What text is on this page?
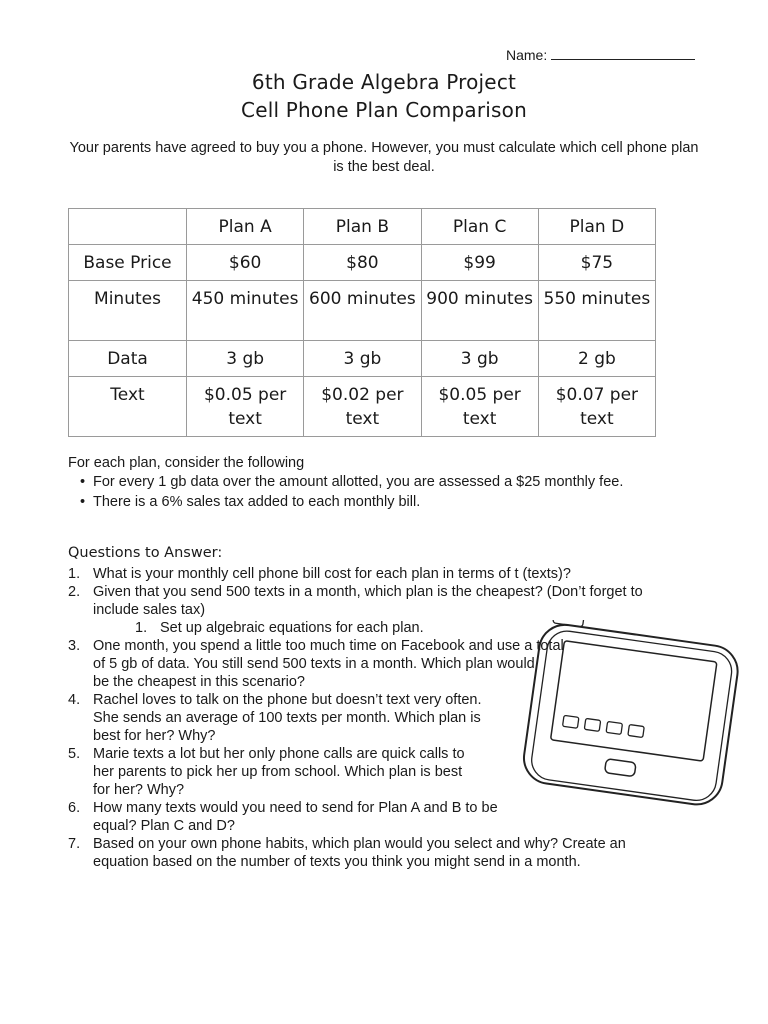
Name:
6th Grade Algebra Project
Cell Phone Plan Comparison

Your parents have agreed to buy you a phone. However, you must calculate which cell phone plan is the best deal.

	Plan A	Plan B	Plan C	Plan D
Base Price	$60	$80	$99	$75
Minutes	450 minutes	600 minutes	900 minutes	550 minutes
Data	3 gb	3 gb	3 gb	2 gb
Text	$0.05 per text	$0.02 per text	$0.05 per text	$0.07 per text

For each plan, consider the following

• For every 1 gb data over the amount allotted, you are assessed a $25 monthly fee.
• There is a 6% sales tax added to each monthly bill.
Questions to Answer:
1. What is your monthly cell phone bill cost for each plan in terms of t (texts)?
2. Given that you send 500 texts in a month, which plan is the cheapest? (Don’t forget to
include sales tax)
1. Set up algebraic equations for each plan.
3. One month, you spend a little too much time on Facebook and use a total
of 5 gb of data. You still send 500 texts in a month. Which plan would
be the cheapest in this scenario?
4. Rachel loves to talk on the phone but doesn’t text very often.
She sends an average of 100 texts per month. Which plan is
best for her? Why?
5. Marie texts a lot but her only phone calls are quick calls to
her parents to pick her up from school. Which plan is best
for her? Why?
6. How many texts would you need to send for Plan A and B to be
equal? Plan C and D?
7. Based on your own phone habits, which plan would you select and why? Create an
equation based on the number of texts you think you might send in a month.
